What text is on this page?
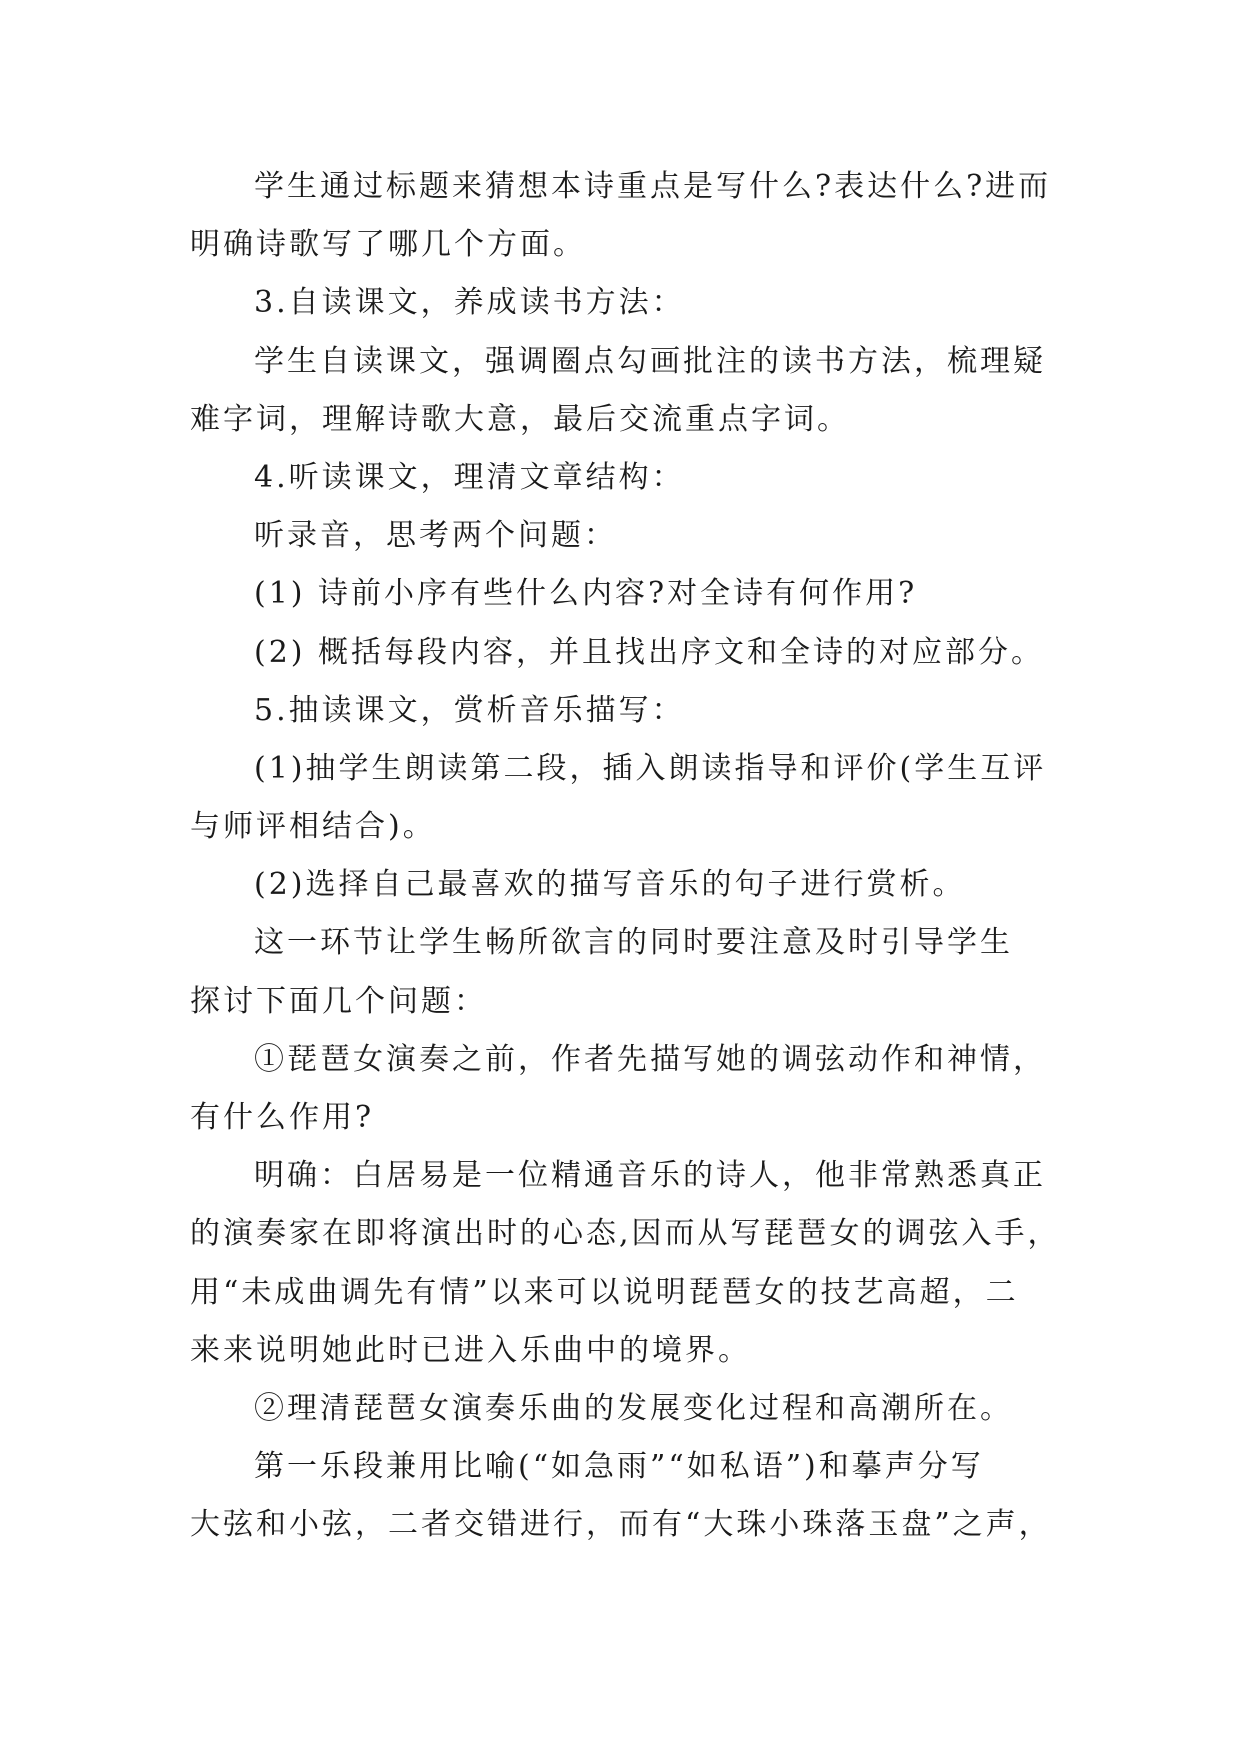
学生通过标题来猜想本诗重点是写什么?表达什么?进而
明确诗歌写了哪几个方面。
3.自读课文，养成读书方法：
学生自读课文，强调圈点勾画批注的读书方法，梳理疑
难字词，理解诗歌大意，最后交流重点字词。
4.听读课文，理清文章结构：
听录音，思考两个问题：
(1) 诗前小序有些什么内容?对全诗有何作用?
(2) 概括每段内容，并且找出序文和全诗的对应部分。
5.抽读课文，赏析音乐描写：
(1)抽学生朗读第二段，插入朗读指导和评价(学生互评
与师评相结合)。
(2)选择自己最喜欢的描写音乐的句子进行赏析。
这一环节让学生畅所欲言的同时要注意及时引导学生
探讨下面几个问题：
①琵琶女演奏之前，作者先描写她的调弦动作和神情，
有什么作用?
明确：白居易是一位精通音乐的诗人，他非常熟悉真正
的演奏家在即将演出时的心态,因而从写琵琶女的调弦入手，
用“未成曲调先有情”以来可以说明琵琶女的技艺高超，二
来来说明她此时已进入乐曲中的境界。
②理清琵琶女演奏乐曲的发展变化过程和高潮所在。
第一乐段兼用比喻(“如急雨”“如私语”)和摹声分写
大弦和小弦，二者交错进行，而有“大珠小珠落玉盘”之声，
